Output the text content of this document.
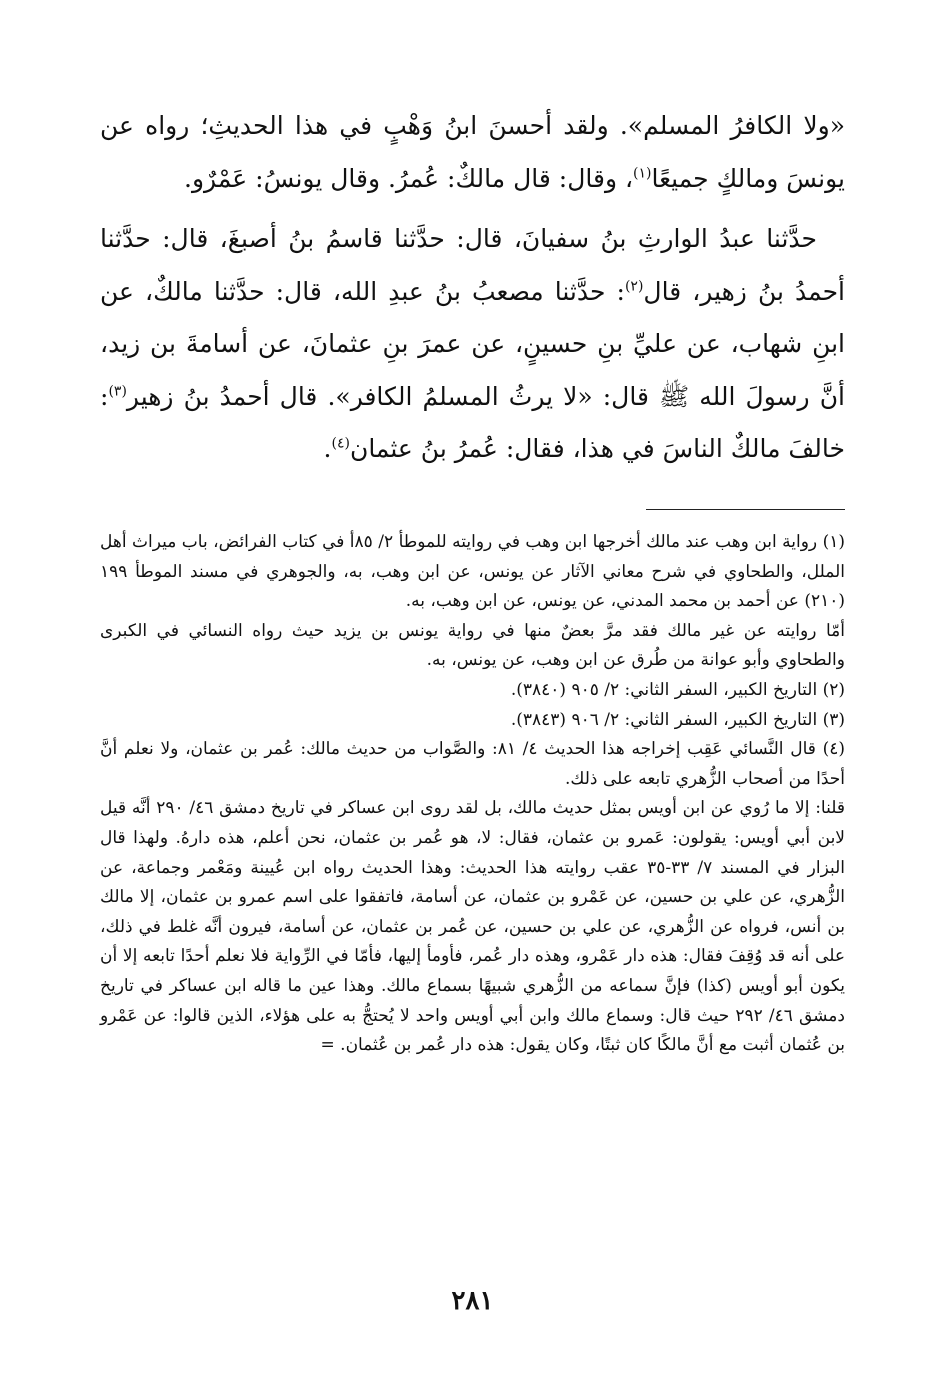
«ولا الكافرُ المسلم». ولقد أحسنَ ابنُ وَهْبٍ في هذا الحديثِ؛ رواه عن يونسَ ومالكٍ جميعًا$^{(١)}$، وقال: قال مالكٌ: عُمرُ. وقال يونسُ: عَمْرٌو.

حدَّثنا عبدُ الوارثِ بنُ سفيانَ، قال: حدَّثنا قاسمُ بنُ أصبغَ، قال: حدَّثنا أحمدُ بنُ زهير، قال$^{(٢)}$: حدَّثنا مصعبُ بنُ عبدِ الله، قال: حدَّثنا مالكٌ، عن ابنِ شهاب، عن عليِّ بنِ حسينٍ، عن عمرَ بنِ عثمانَ، عن أسامةَ بن زيد، أنَّ رسولَ الله ﷺ قال: «لا يرثُ المسلمُ الكافر». قال أحمدُ بنُ زهير$^{(٣)}$: خالفَ مالكٌ الناسَ في هذا، فقال: عُمرُ بنُ عثمان$^{(٤)}$.

(١) رواية ابن وهب عند مالك أخرجها ابن وهب في روايته للموطأ ٢/ ٨٥أ في كتاب الفرائض، باب ميراث أهل الملل، والطحاوي في شرح معاني الآثار عن يونس، عن ابن وهب، به، والجوهري في مسند الموطأ ١٩٩ (٢١٠) عن أحمد بن محمد المدني، عن يونس، عن ابن وهب، به.

أمّا روايته عن غير مالك فقد مرَّ بعضٌ منها في رواية يونس بن يزيد حيث رواه النسائي في الكبرى والطحاوي وأبو عوانة من طُرق عن ابن وهب، عن يونس، به.

(٢) التاريخ الكبير، السفر الثاني: ٢/ ٩٠٥ (٣٨٤٠).

(٣) التاريخ الكبير، السفر الثاني: ٢/ ٩٠٦ (٣٨٤٣).

(٤) قال النَّسائي عَقِب إخراجه هذا الحديث ٤/ ٨١: والصَّواب من حديث مالك: عُمر بن عثمان، ولا نعلم أنَّ أحدًا من أصحاب الزُّهري تابعه على ذلك.

قلنا: إلا ما رُوي عن ابن أويس بمثل حديث مالك، بل لقد روى ابن عساكر في تاريخ دمشق ٤٦/ ٢٩٠ أنَّه قيل لابن أبي أويس: يقولون: عَمرو بن عثمان، فقال: لا، هو عُمر بن عثمان، نحن أعلم، هذه دارهُ. ولهذا قال البزار في المسند ٧/ ٣٣-٣٥ عقب روايته هذا الحديث: وهذا الحديث رواه ابن عُيينة ومَعْمر وجماعة، عن الزُّهري، عن علي بن حسين، عن عَمْرو بن عثمان، عن أسامة، فاتفقوا على اسم عمرو بن عثمان، إلا مالك بن أنس، فرواه عن الزُّهري، عن علي بن حسين، عن عُمر بن عثمان، عن أسامة، فيرون أنَّه غلط في ذلك، على أنه قد وُقِفَ فقال: هذه دار عَمْرو، وهذه دار عُمر، فأومأ إليها، فأمّا في الرِّواية فلا نعلم أحدًا تابعه إلا أن يكون أبو أويس (كذا) فإنَّ سماعه من الزُّهري شبيهًا بسماع مالك. وهذا عين ما قاله ابن عساكر في تاريخ دمشق ٤٦/ ٢٩٢ حيث قال: وسماع مالك وابن أبي أويس واحد لا يُحتجُّ به على هؤلاء، الذين قالوا: عن عَمْرو بن عُثمان أثبت مع أنَّ مالكًا كان ثبتًا، وكان يقول: هذه دار عُمر بن عُثمان. =

٢٨١
